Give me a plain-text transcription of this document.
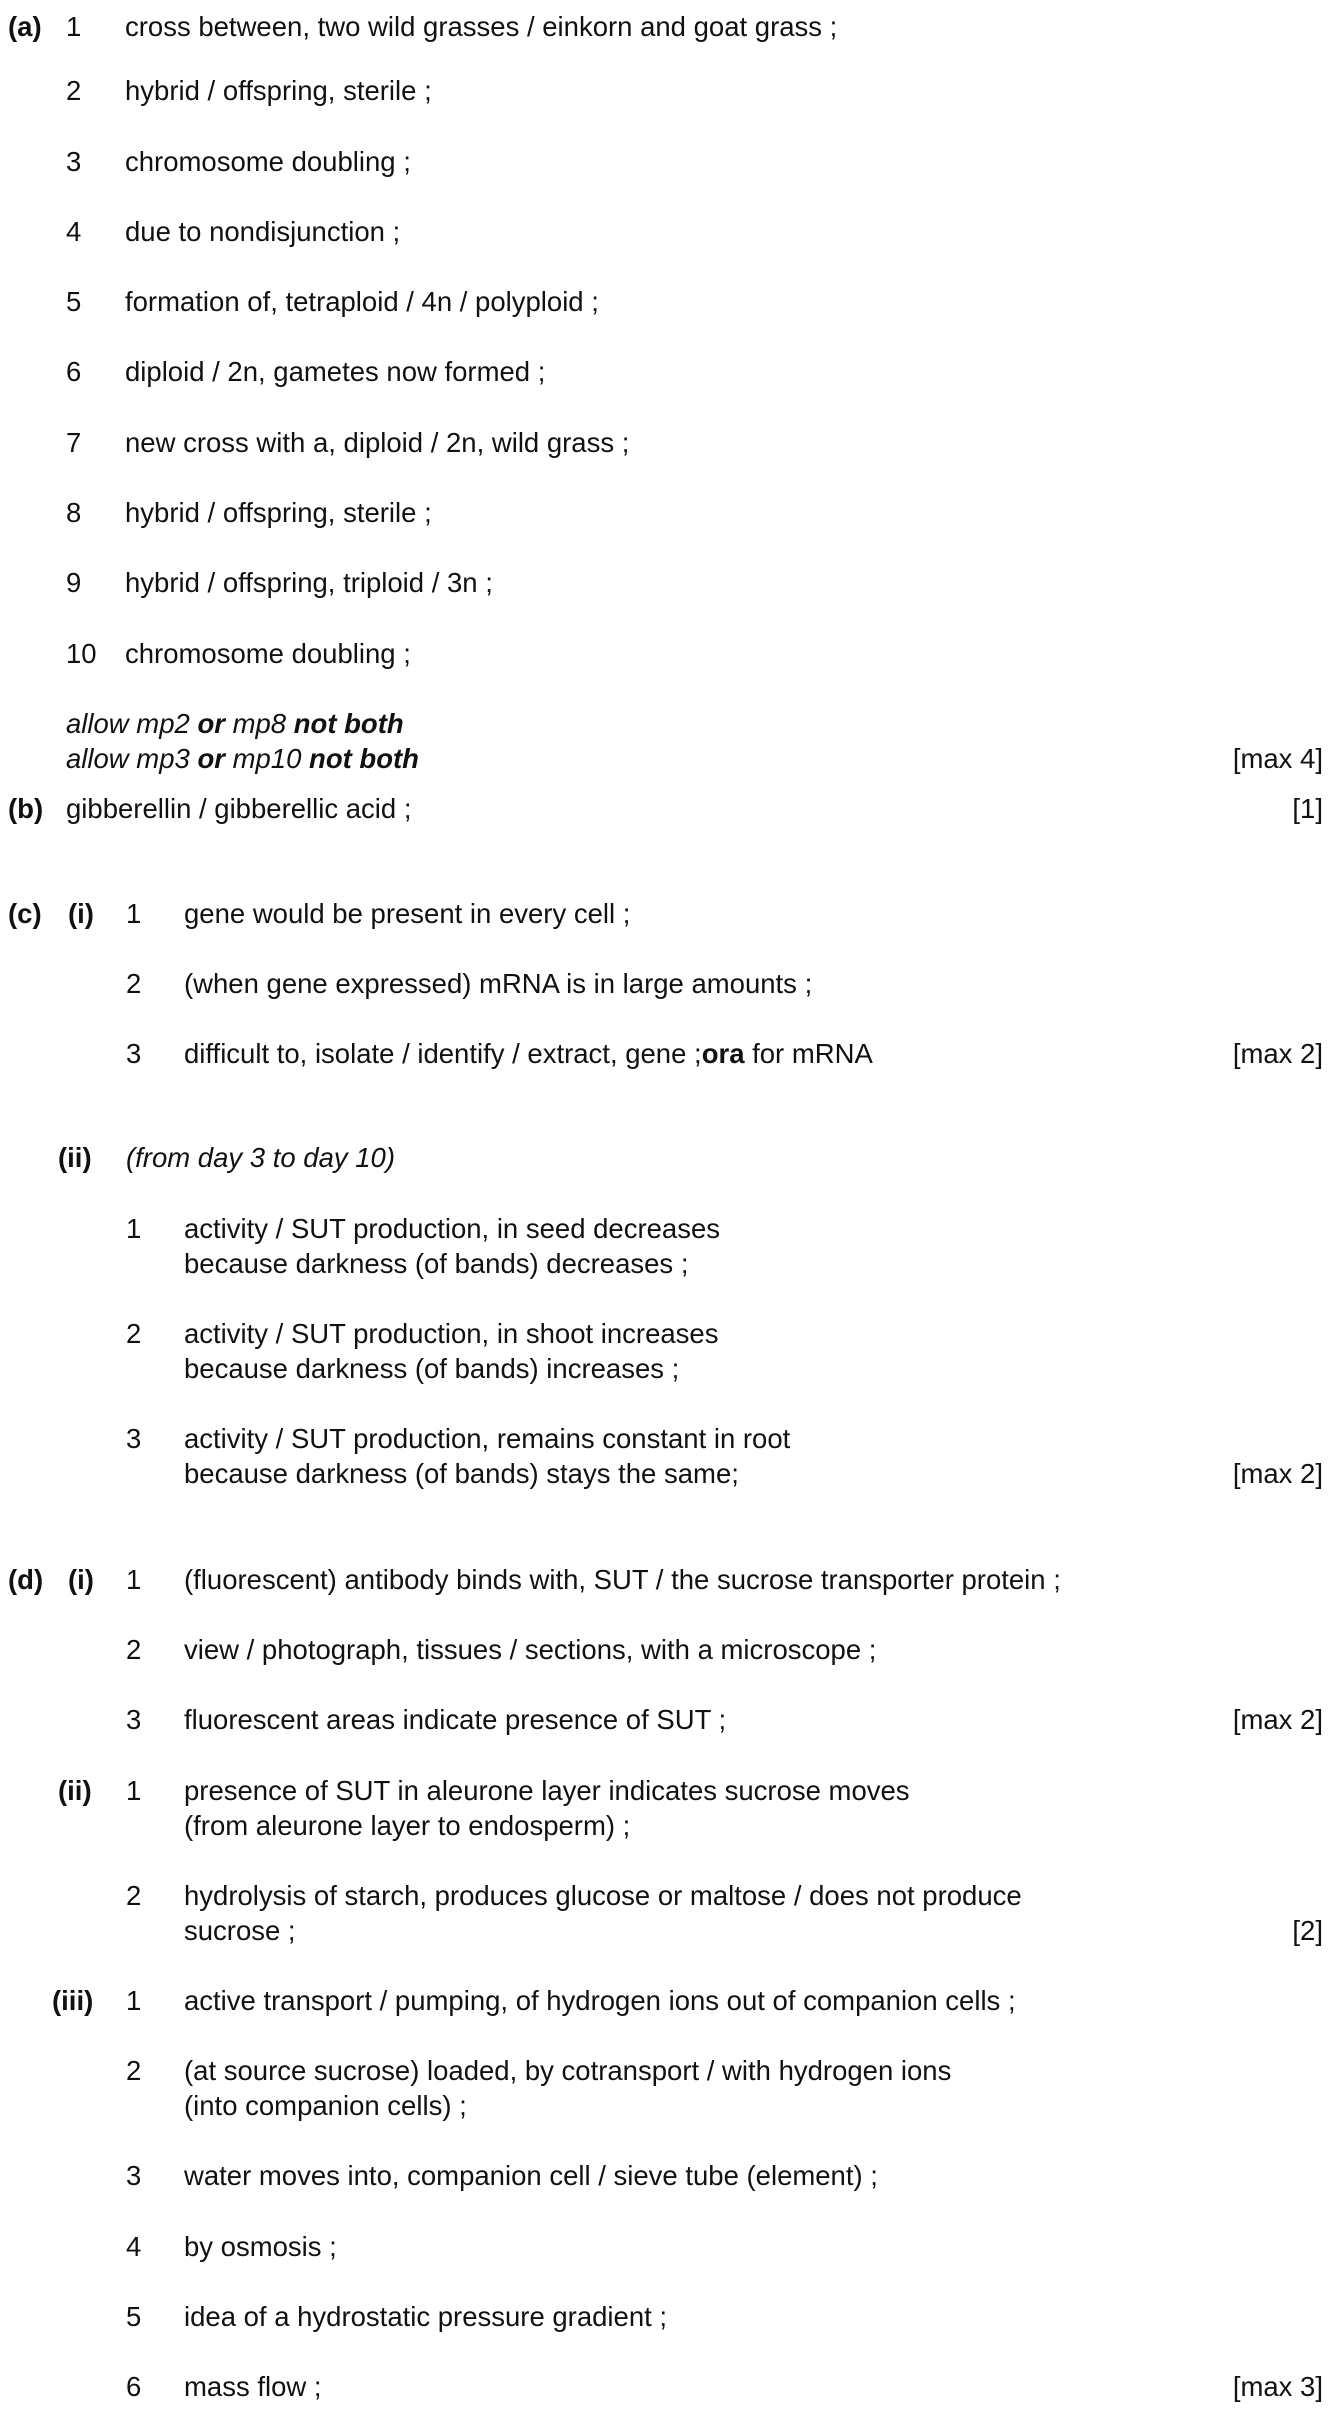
(a) 1 cross between, two wild grasses / einkorn and goat grass ;
2 hybrid / offspring, sterile ;
3 chromosome doubling ;
4 due to nondisjunction ;
5 formation of, tetraploid / 4n / polyploid ;
6 diploid / 2n, gametes now formed ;
7 new cross with a, diploid / 2n, wild grass ;
8 hybrid / offspring, sterile ;
9 hybrid / offspring, triploid / 3n ;
10 chromosome doubling ;
allow mp2 or mp8 not both
allow mp3 or mp10 not both	[max 4]
(b) gibberellin / gibberellic acid ;	[1]
(c) (i) 1 gene would be present in every cell ;
2 (when gene expressed) mRNA is in large amounts ;
3 difficult to, isolate / identify / extract, gene ;ora for mRNA	[max 2]
(ii) (from day 3 to day 10)
1 activity / SUT production, in seed decreases
because darkness (of bands) decreases ;
2 activity / SUT production, in shoot increases
because darkness (of bands) increases ;
3 activity / SUT production, remains constant in root
because darkness (of bands) stays the same;	[max 2]
(d) (i) 1 (fluorescent) antibody binds with, SUT / the sucrose transporter protein ;
2 view / photograph, tissues / sections, with a microscope ;
3 fluorescent areas indicate presence of SUT ;	[max 2]
(ii) 1 presence of SUT in aleurone layer indicates sucrose moves
(from aleurone layer to endosperm) ;
2 hydrolysis of starch, produces glucose or maltose / does not produce
sucrose ;	[2]
(iii) 1 active transport / pumping, of hydrogen ions out of companion cells ;
2 (at source sucrose) loaded, by cotransport / with hydrogen ions
(into companion cells) ;
3 water moves into, companion cell / sieve tube (element) ;
4 by osmosis ;
5 idea of a hydrostatic pressure gradient ;
6 mass flow ;	[max 3]
